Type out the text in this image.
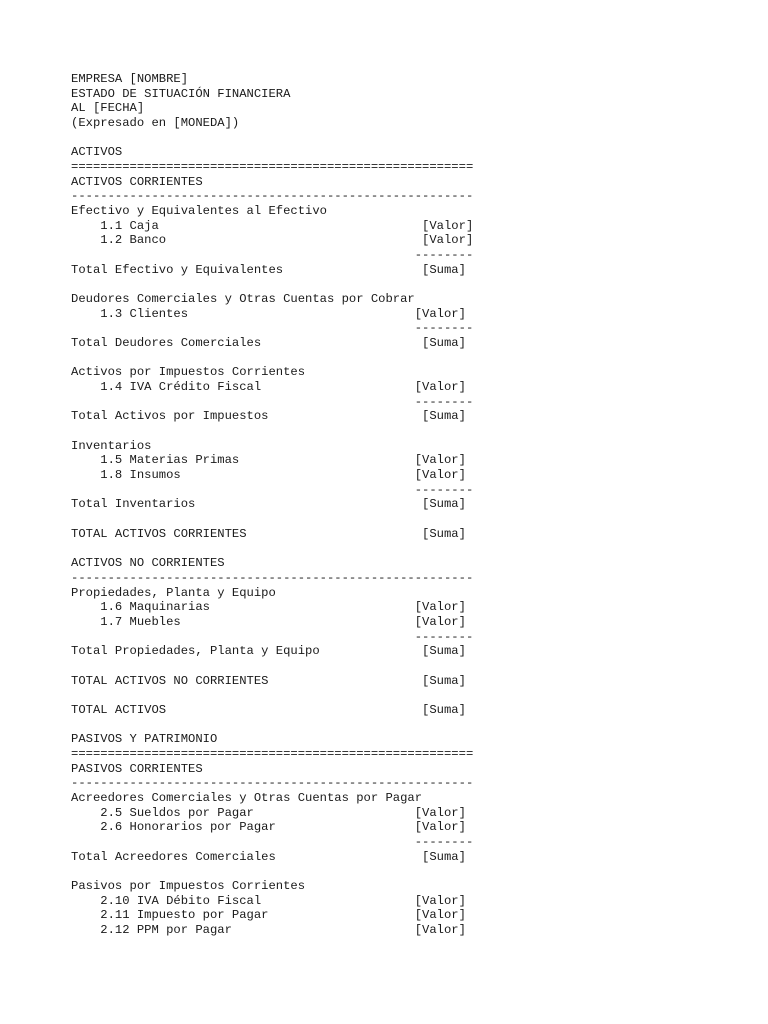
EMPRESA [NOMBRE]
ESTADO DE SITUACIÓN FINANCIERA
AL [FECHA]
(Expresado en [MONEDA])
ACTIVOS
=======================================================
ACTIVOS CORRIENTES
-------------------------------------------------------
Efectivo y Equivalentes al Efectivo
1.1 Caja                                    [Valor]
1.2 Banco                                   [Valor]
--------
Total Efectivo y Equivalentes                   [Suma]
Deudores Comerciales y Otras Cuentas por Cobrar
1.3 Clientes                               [Valor]
--------
Total Deudores Comerciales                      [Suma]
Activos por Impuestos Corrientes
1.4 IVA Crédito Fiscal                     [Valor]
--------
Total Activos por Impuestos                     [Suma]
Inventarios
1.5 Materias Primas                        [Valor]
1.8 Insumos                                [Valor]
--------
Total Inventarios                               [Suma]
TOTAL ACTIVOS CORRIENTES                        [Suma]
ACTIVOS NO CORRIENTES
-------------------------------------------------------
Propiedades, Planta y Equipo
1.6 Maquinarias                            [Valor]
1.7 Muebles                                [Valor]
--------
Total Propiedades, Planta y Equipo              [Suma]
TOTAL ACTIVOS NO CORRIENTES                     [Suma]
TOTAL ACTIVOS                                   [Suma]
PASIVOS Y PATRIMONIO
=======================================================
PASIVOS CORRIENTES
-------------------------------------------------------
Acreedores Comerciales y Otras Cuentas por Pagar
2.5 Sueldos por Pagar                      [Valor]
2.6 Honorarios por Pagar                   [Valor]
--------
Total Acreedores Comerciales                    [Suma]
Pasivos por Impuestos Corrientes
2.10 IVA Débito Fiscal                     [Valor]
2.11 Impuesto por Pagar                    [Valor]
2.12 PPM por Pagar                         [Valor]
